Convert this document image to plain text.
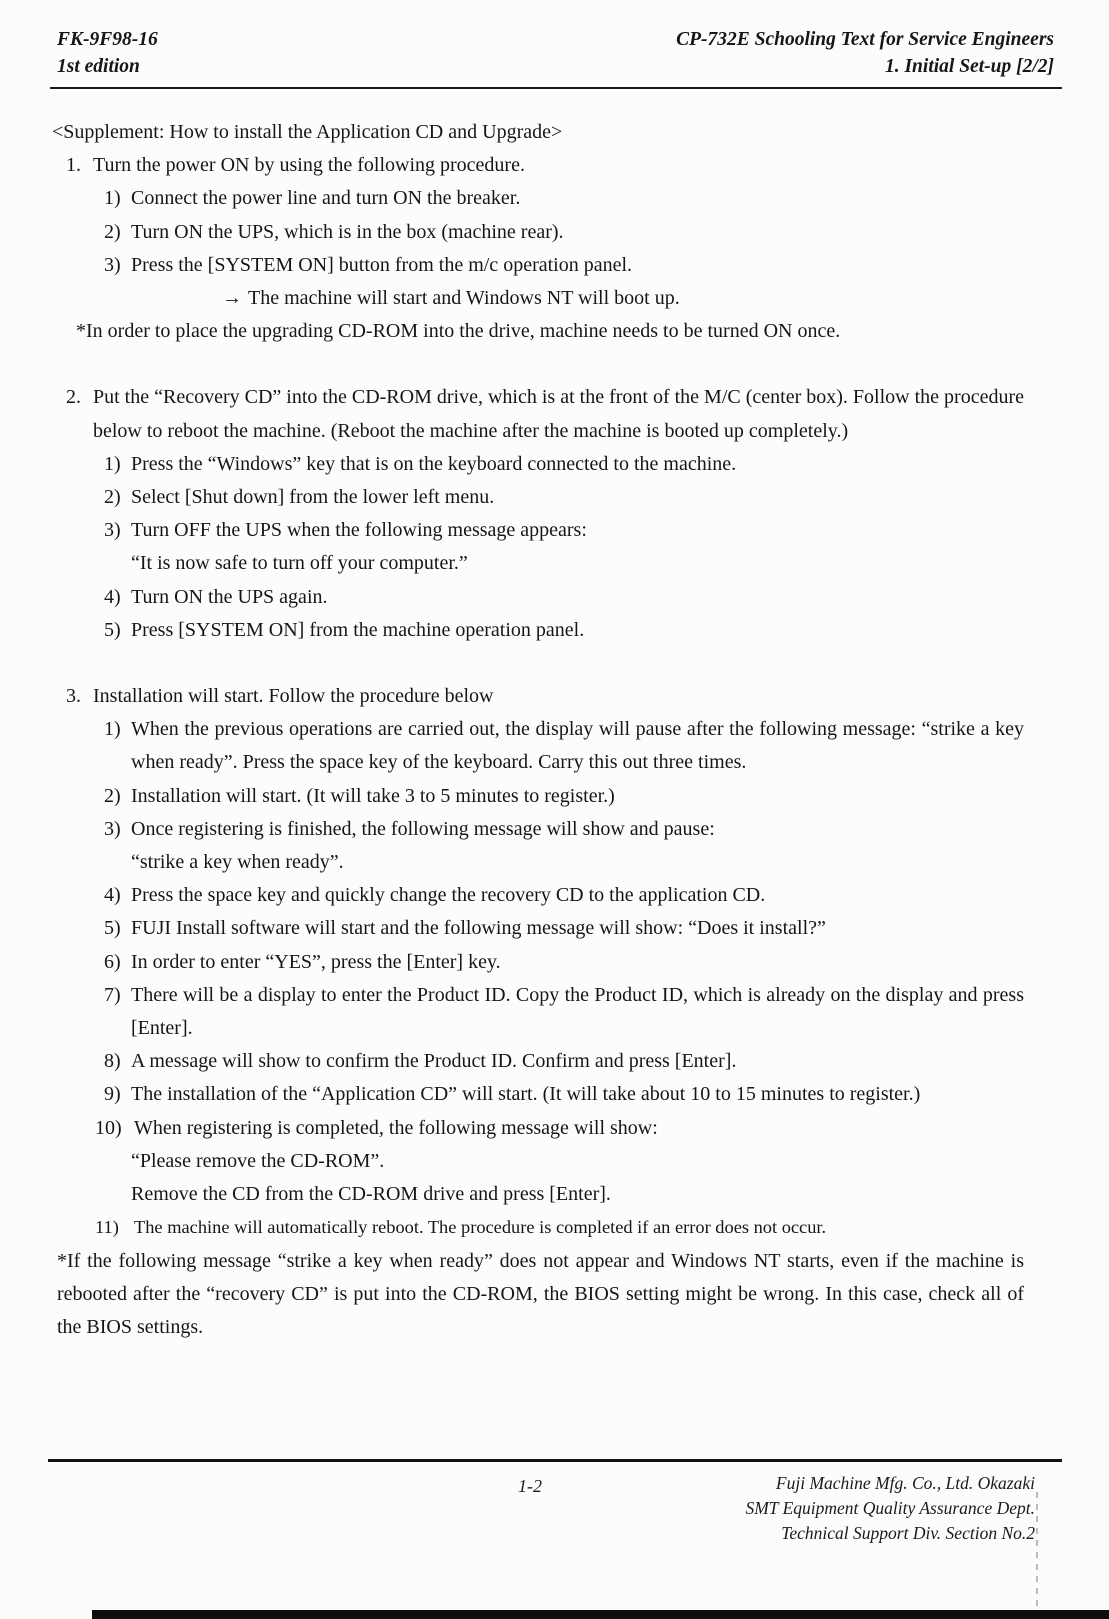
FK-9F98-16
1st edition
CP-732E Schooling Text for Service Engineers
1. Initial Set-up [2/2]
<Supplement: How to install the Application CD and Upgrade>
1. Turn the power ON by using the following procedure.
1) Connect the power line and turn ON the breaker.
2) Turn ON the UPS, which is in the box (machine rear).
3) Press the [SYSTEM ON] button from the m/c operation panel.
→ The machine will start and Windows NT will boot up.
*In order to place the upgrading CD-ROM into the drive, machine needs to be turned ON once.
2. Put the “Recovery CD” into the CD-ROM drive, which is at the front of the M/C (center box). Follow the procedure below to reboot the machine. (Reboot the machine after the machine is booted up completely.)
1) Press the “Windows” key that is on the keyboard connected to the machine.
2) Select [Shut down] from the lower left menu.
3) Turn OFF the UPS when the following message appears:
“It is now safe to turn off your computer.”
4) Turn ON the UPS again.
5) Press [SYSTEM ON] from the machine operation panel.
3. Installation will start. Follow the procedure below
1) When the previous operations are carried out, the display will pause after the following message: “strike a key when ready”. Press the space key of the keyboard. Carry this out three times.
2) Installation will start. (It will take 3 to 5 minutes to register.)
3) Once registering is finished, the following message will show and pause:
“strike a key when ready”.
4) Press the space key and quickly change the recovery CD to the application CD.
5) FUJI Install software will start and the following message will show: “Does it install?”
6) In order to enter “YES”, press the [Enter] key.
7) There will be a display to enter the Product ID. Copy the Product ID, which is already on the display and press [Enter].
8) A message will show to confirm the Product ID. Confirm and press [Enter].
9) The installation of the “Application CD” will start. (It will take about 10 to 15 minutes to register.)
10) When registering is completed, the following message will show:
“Please remove the CD-ROM”.
Remove the CD from the CD-ROM drive and press [Enter].
11) The machine will automatically reboot. The procedure is completed if an error does not occur.
*If the following message “strike a key when ready” does not appear and Windows NT starts, even if the machine is rebooted after the “recovery CD” is put into the CD-ROM, the BIOS setting might be wrong. In this case, check all of the BIOS settings.
1-2	Fuji Machine Mfg. Co., Ltd. Okazaki
SMT Equipment Quality Assurance Dept.
Technical Support Div. Section No.2
